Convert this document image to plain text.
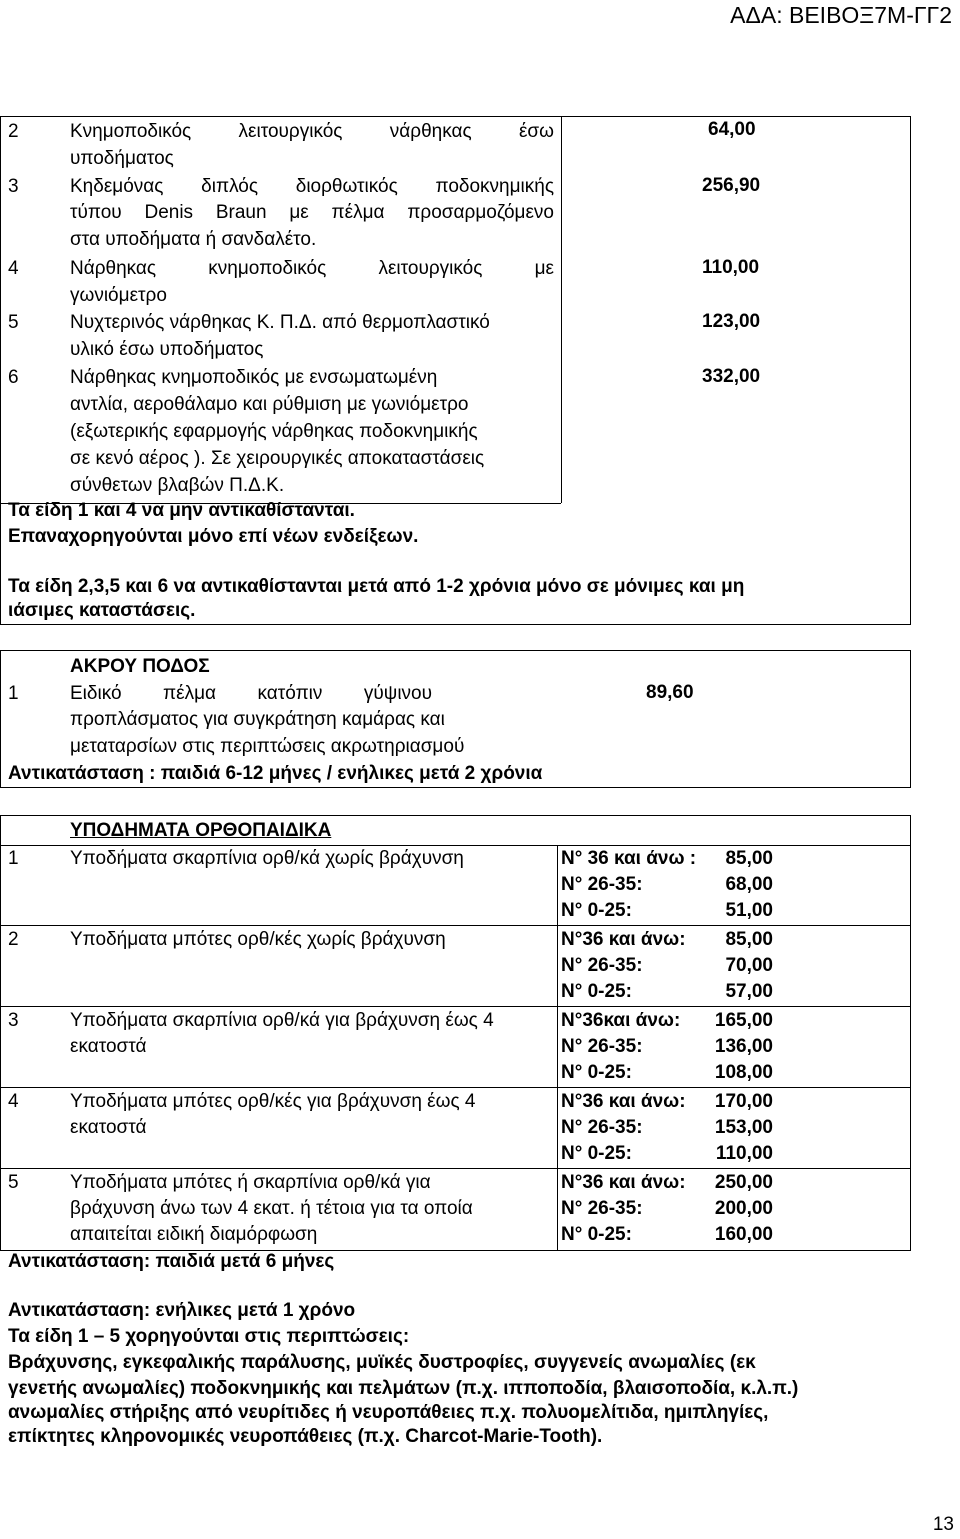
ΑΔΑ: ΒΕΙΒΟΞ7Μ-ΓΓ2
2	Κνημοποδικός λειτουργικός νάρθηκας έσω
υποδήματος
64,00
3	Κηδεμόνας διπλός διορθωτικός ποδοκνημικής
τύπου Denis Braun με πέλμα προσαρμοζόμενο
στα υποδήματα ή σανδαλέτο.
256,90
4	Νάρθηκας κνημοποδικός λειτουργικός με
γωνιόμετρο
110,00
5	Νυχτερινός νάρθηκας Κ. Π.Δ. από θερμοπλαστικό
υλικό έσω υποδήματος
123,00
6	Νάρθηκας κνημοποδικός με ενσωματωμένη
αντλία, αεροθάλαμο και ρύθμιση με γωνιόμετρο
(εξωτερικής εφαρμογής νάρθηκας ποδοκνημικής
σε κενό αέρος ). Σε χειρουργικές αποκαταστάσεις
σύνθετων βλαβών Π.Δ.Κ.
332,00
Τα είδη 1 και 4 να μην αντικαθίστανται.
Επαναχορηγούνται μόνο επί νέων ενδείξεων.
Τα είδη 2,3,5 και 6 να αντικαθίστανται μετά από 1-2 χρόνια μόνο σε μόνιμες και μη
ιάσιμες καταστάσεις.
ΑΚΡΟΥ ΠΟΔΟΣ
1	Ειδικό πέλμα κατόπιν γύψινου
προπλάσματος για συγκράτηση καμάρας και
μεταταρσίων στις περιπτώσεις ακρωτηριασμού
89,60
Αντικατάσταση : παιδιά 6-12 μήνες / ενήλικες μετά 2 χρόνια
ΥΠΟΔΗΜΑΤΑ ΟΡΘΟΠΑΙΔΙΚΑ
1	Υποδήματα σκαρπίνια ορθ/κά χωρίς βράχυνση	Ν° 36 και άνω :	85,00
Ν° 26-35:	68,00
Ν° 0-25:	51,00
2	Υποδήματα μπότες ορθ/κές χωρίς βράχυνση	Ν°36 και άνω:	85,00
Ν° 26-35:	70,00
Ν° 0-25:	57,00
3	Υποδήματα σκαρπίνια ορθ/κά για βράχυνση έως 4
εκατοστά
Ν°36και άνω:	165,00
Ν° 26-35:	136,00
Ν° 0-25:	108,00
4	Υποδήματα μπότες ορθ/κές για βράχυνση έως 4
εκατοστά
Ν°36 και άνω:	170,00
Ν° 26-35:	153,00
Ν° 0-25:	110,00
5	Υποδήματα μπότες ή σκαρπίνια ορθ/κά για
βράχυνση άνω των 4 εκατ. ή τέτοια για τα οποία
απαιτείται ειδική διαμόρφωση
Ν°36 και άνω:	250,00
Ν° 26-35:	200,00
Ν° 0-25:	160,00
Αντικατάσταση: παιδιά μετά 6 μήνες
Αντικατάσταση: ενήλικες μετά 1 χρόνο
Τα είδη 1 – 5 χορηγούνται στις περιπτώσεις:
Βράχυνσης, εγκεφαλικής παράλυσης, μυϊκές δυστροφίες, συγγενείς ανωμαλίες (εκ
γενετής ανωμαλίες) ποδοκνημικής και πελμάτων (π.χ. ιπποποδία, βλαισοποδία, κ.λ.π.)
ανωμαλίες στήριξης από νευρίτιδες ή νευροπάθειες π.χ. πολυομελίτιδα, ημιπληγίες,
επίκτητες κληρονομικές νευροπάθειες (π.χ. Charcot-Marie-Tooth).
13
